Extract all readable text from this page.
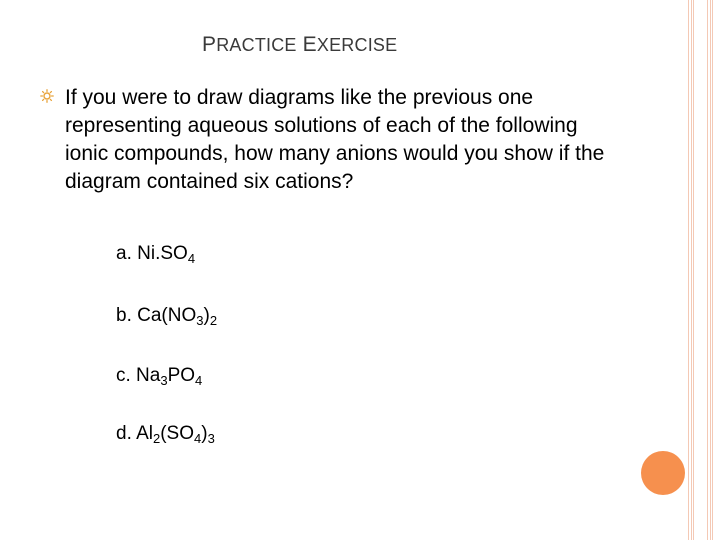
PRACTICE EXERCISE
If you were to draw diagrams like the previous one representing aqueous solutions of each of the following ionic compounds, how many anions would you show if the diagram contained six cations?
a. $Ni.SO_4$
b. $Ca(NO_3)_2$
c. $Na_3PO_4$
d. $Al_2(SO_4)_3$
